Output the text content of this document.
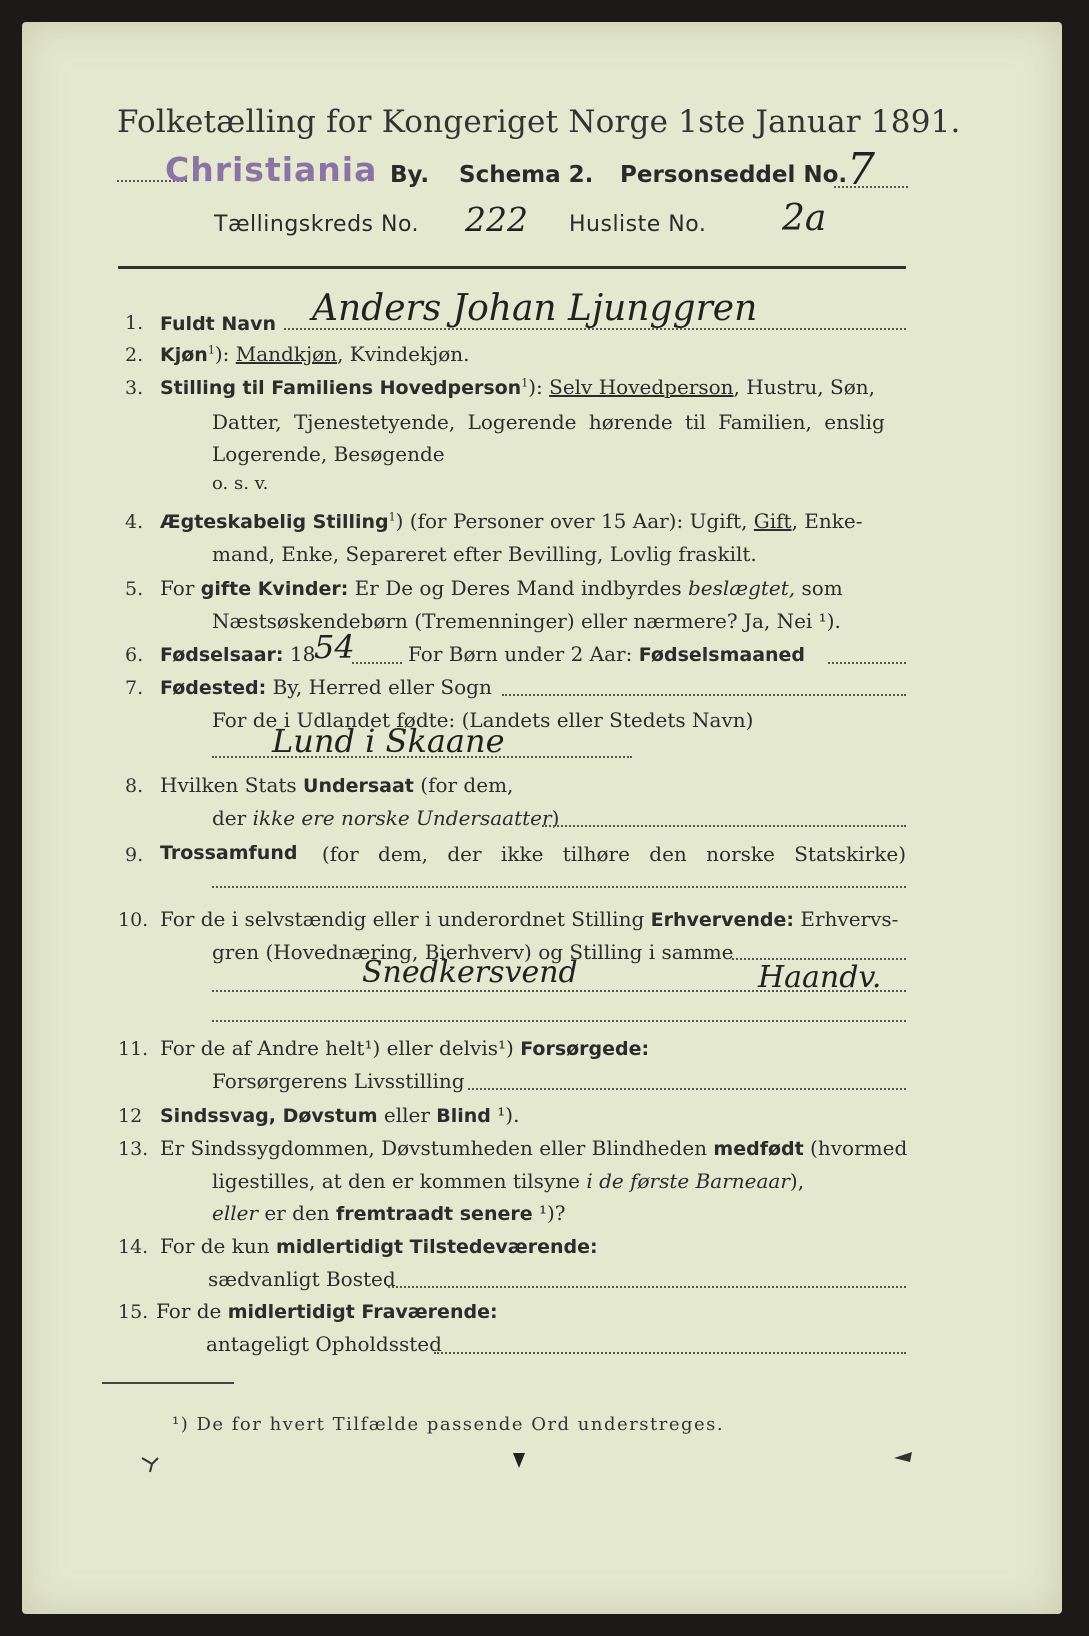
Folketælling for Kongeriget Norge 1ste Januar 1891.
Christiania By. Schema 2. Personseddel No. 7
Tællingskreds No. 222 Husliste No. 2a
1. Fuldt Navn Anders Johan Ljunggren
2. Kjøn$^1$): Mandkjøn, Kvindekjøn.
3. Stilling til Familiens Hovedperson$^1$): Selv Hovedperson, Hustru, Søn,
Datter, Tjenestetyende, Logerende hørende til Familien, enslig
Logerende, Besøgende
o. s. v.
4. Ægteskabelig Stilling$^1$) (for Personer over 15 Aar): Ugift, Gift, Enke-
mand, Enke, Separeret efter Bevilling, Lovlig fraskilt.
5. For gifte Kvinder: Er De og Deres Mand indbyrdes beslægtet, som
Næstsøskendebørn (Tremenninger) eller nærmere? Ja, Nei ¹).
6. Fødselsaar: 18
54	For Børn under 2 Aar: Fødselsmaaned
7. Fødested: By, Herred eller Sogn
For de i Udlandet fødte: (Landets eller Stedets Navn)
Lund i Skaane
8. Hvilken Stats Undersaat (for dem,
der ikke ere norske Undersaatter)
9. Trossamfund (for dem, der ikke tilhøre den norske Statskirke)
10. For de i selvstændig eller i underordnet Stilling Erhvervende: Erhvervs-
gren (Hovednæring, Bierhverv) og Stilling i samme
Snedkersvend	Haandv.
11. For de af Andre helt¹) eller delvis¹) Forsørgede:
Forsørgerens Livsstilling
12 Sindssvag, Døvstum eller Blind ¹).
13. Er Sindssygdommen, Døvstumheden eller Blindheden medfødt (hvormed
ligestilles, at den er kommen tilsyne i de første Barneaar),
eller er den fremtraadt senere ¹)?
14. For de kun midlertidigt Tilstedeværende:
sædvanligt Bosted
15. For de midlertidigt Fraværende:
antageligt Opholdssted
¹) De for hvert Tilfælde passende Ord understreges.
